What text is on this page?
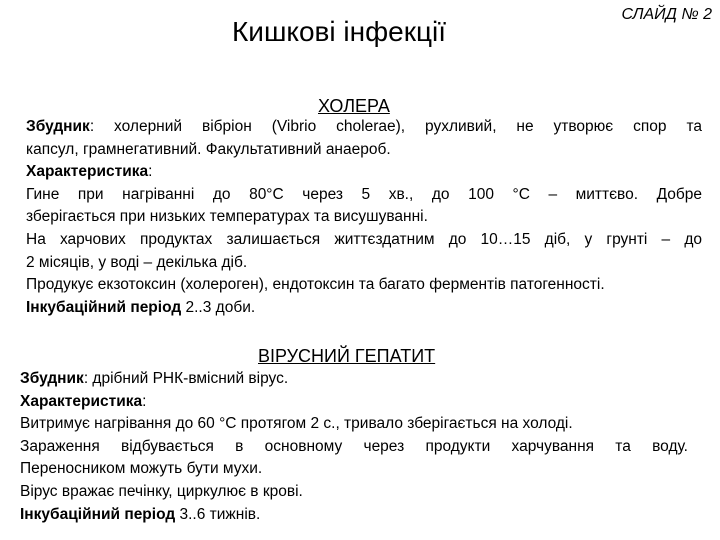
Кишкові інфекції
СЛАЙД № 2
ХОЛЕРА

Збудник: холерний вібріон (Vibrio cholerae), рухливий, не утворює спор та

капсул, грамнегативний. Факультативний анаероб.

Характеристика:

Гине при нагріванні до 80°С через 5 хв., до 100 °С – миттєво. Добре

зберігається при низьких температурах та висушуванні.

На харчових продуктах залишається життєздатним до 10…15 діб, у грунті – до

2 місяців, у воді – декілька діб.

Продукує екзотоксин (холероген), ендотоксин та багато ферментів патогенності.

Інкубаційний період 2..3 доби.

ВІРУСНИЙ ГЕПАТИТ

Збудник: дрібний РНК-вмісний вірус.

Характеристика:

Витримує нагрівання до 60 °С протягом 2 с., тривало зберігається на холоді.

Зараження відбувається в основному через продукти харчування та воду.

Переносником можуть бути мухи.

Вірус вражає печінку, циркулює в крові.

Інкубаційний період 3..6 тижнів.
